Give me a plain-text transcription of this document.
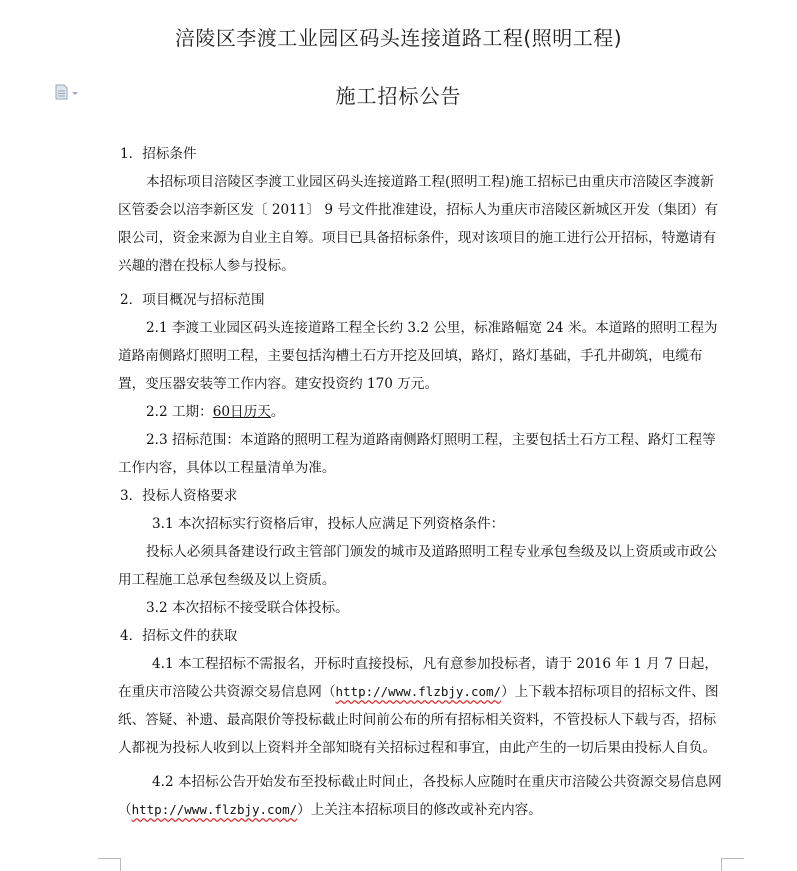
涪陵区李渡工业园区码头连接道路工程(照明工程)
施工招标公告

1．招标条件

本招标项目涪陵区李渡工业园区码头连接道路工程(照明工程)施工招标已由重庆市涪陵区李渡新区管委会以涪李新区发〔 2011〕 9 号文件批准建设，招标人为重庆市涪陵区新城区开发（集团）有限公司，资金来源为自业主自筹。项目已具备招标条件，现对该项目的施工进行公开招标，特邀请有兴趣的潜在投标人参与投标。

2．项目概况与招标范围

2.1 李渡工业园区码头连接道路工程全长约 3.2 公里，标准路幅宽 24 米。本道路的照明工程为道路南侧路灯照明工程，主要包括沟槽土石方开挖及回填，路灯，路灯基础，手孔井砌筑，电缆布置，变压器安装等工作内容。建安投资约 170 万元。

2.2 工期：60日历天。

2.3 招标范围：本道路的照明工程为道路南侧路灯照明工程，主要包括土石方工程、路灯工程等工作内容，具体以工程量清单为准。

3．投标人资格要求

3.1 本次招标实行资格后审，投标人应满足下列资格条件：

投标人必须具备建设行政主管部门颁发的城市及道路照明工程专业承包叁级及以上资质或市政公用工程施工总承包叁级及以上资质。

3.2 本次招标不接受联合体投标。

4．招标文件的获取

4.1 本工程招标不需报名，开标时直接投标，凡有意参加投标者，请于 2016 年 1 月 7 日起，在重庆市涪陵公共资源交易信息网（http://www.flzbjy.com/）上下载本招标项目的招标文件、图纸、答疑、补遗、最高限价等投标截止时间前公布的所有招标相关资料，不管投标人下载与否，招标人都视为投标人收到以上资料并全部知晓有关招标过程和事宜，由此产生的一切后果由投标人自负。

4.2 本招标公告开始发布至投标截止时间止，各投标人应随时在重庆市涪陵公共资源交易信息网（http://www.flzbjy.com/）上关注本招标项目的修改或补充内容。
